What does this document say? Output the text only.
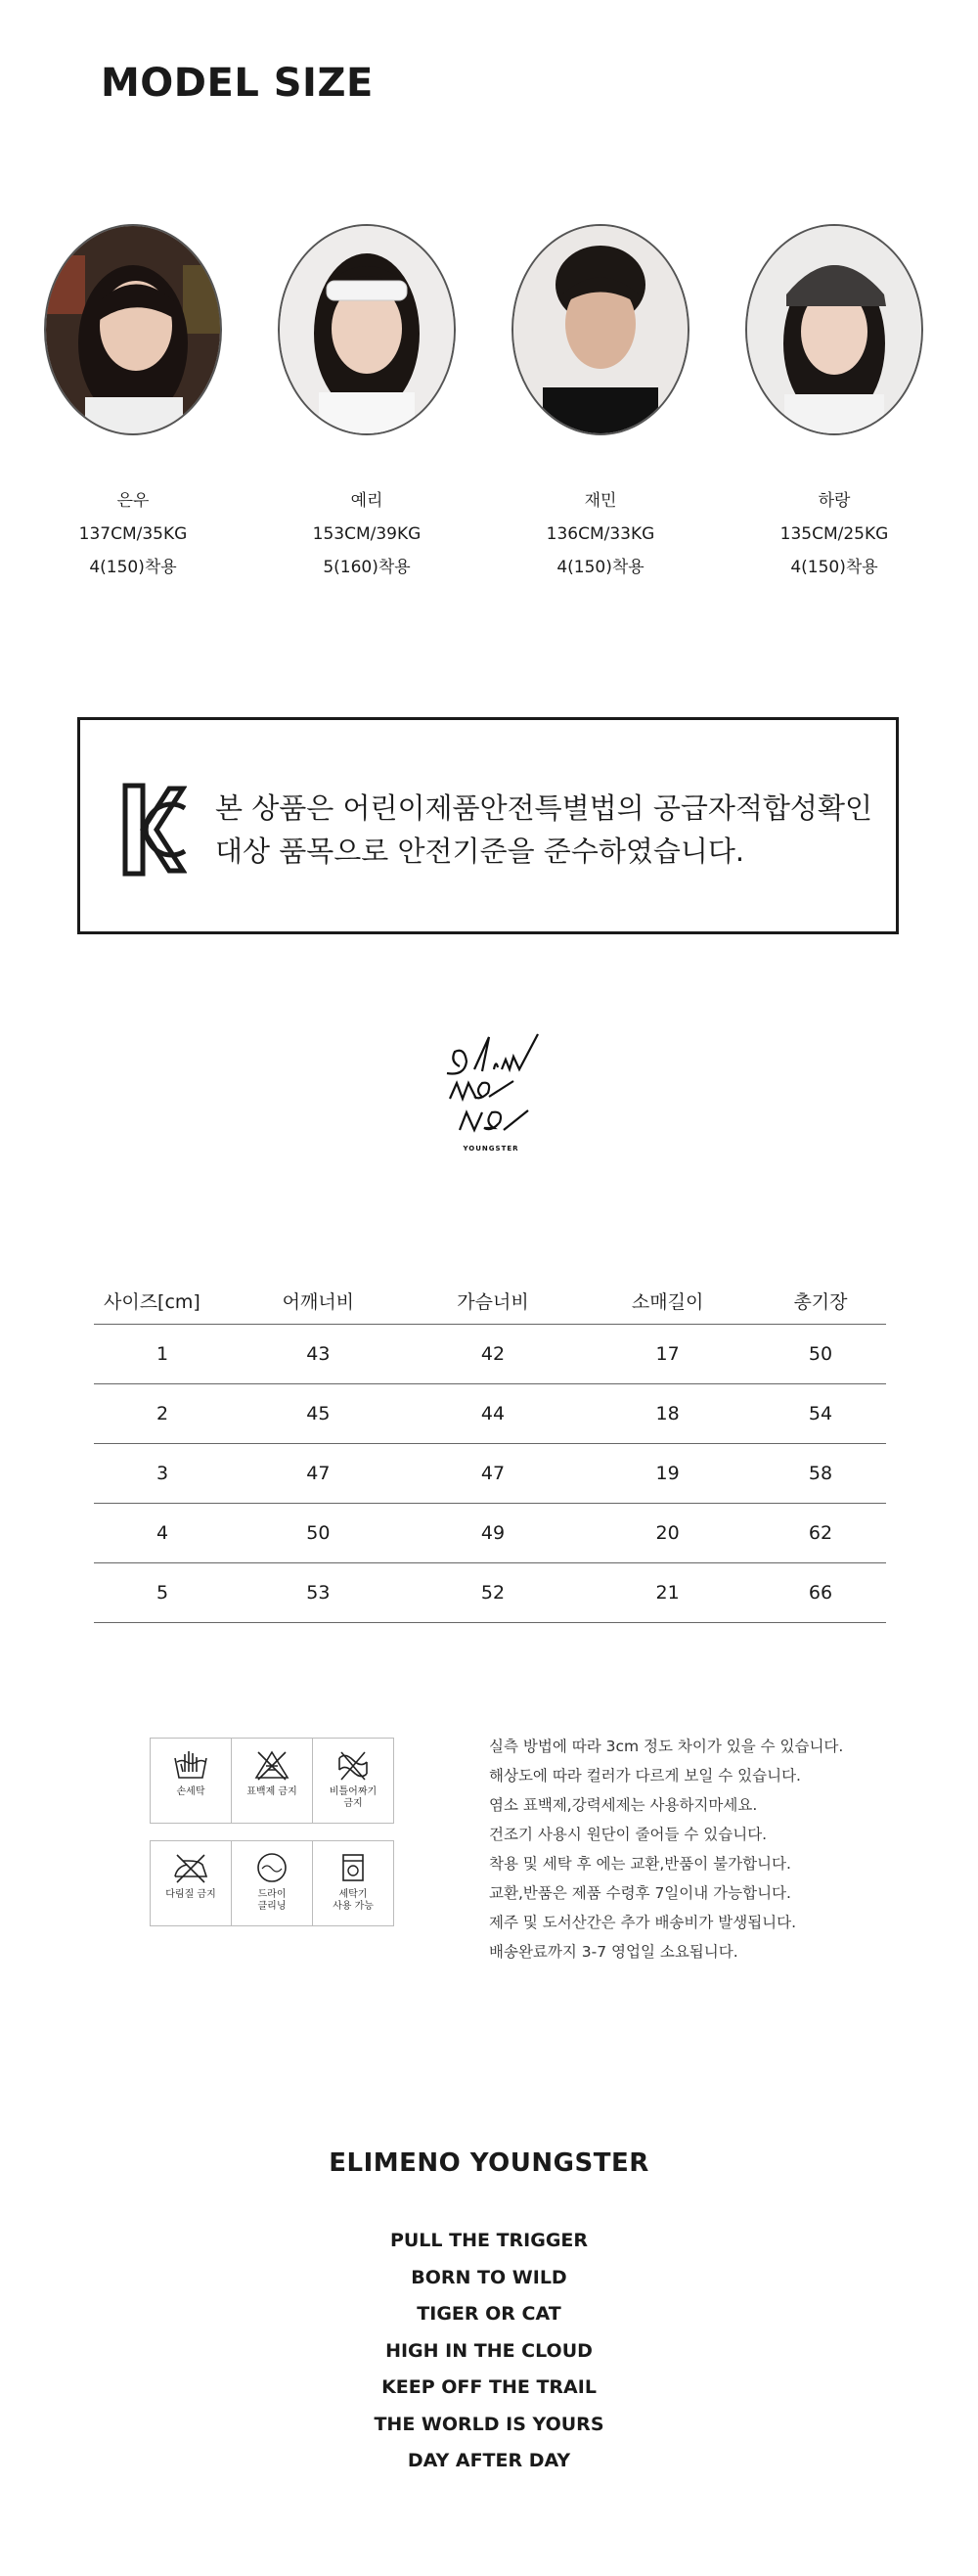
MODEL SIZE
은우
137CM/35KG
4(150)착용
예리
153CM/39KG
5(160)착용
재민
136CM/33KG
4(150)착용
하랑
135CM/25KG
4(150)착용
본 상품은 어린이제품안전특별법의 공급자적합성확인
대상 품목으로 안전기준을 준수하였습니다.
YOUNGSTER
사이즈[cm]	어깨너비	가슴너비	소매길이	총기장
1	43	42	17	50
2	45	44	18	54
3	47	47	19	58
4	50	49	20	62
5	53	52	21	66
손세탁	표백제 금지	비틀어짜기
금지
다림질 금지	드라이
클리닝
세탁기
사용 가능
실측 방법에 따라 3cm 정도 차이가 있을 수 있습니다.
해상도에 따라 컬러가 다르게 보일 수 있습니다.
염소 표백제,강력세제는 사용하지마세요.
건조기 사용시 원단이 줄어들 수 있습니다.
착용 및 세탁 후 에는 교환,반품이 불가합니다.
교환,반품은 제품 수령후 7일이내 가능합니다.
제주 및 도서산간은 추가 배송비가 발생됩니다.
배송완료까지 3-7 영업일 소요됩니다.
ELIMENO YOUNGSTER
PULL THE TRIGGER
BORN TO WILD
TIGER OR CAT
HIGH IN THE CLOUD
KEEP OFF THE TRAIL
THE WORLD IS YOURS
DAY AFTER DAY
